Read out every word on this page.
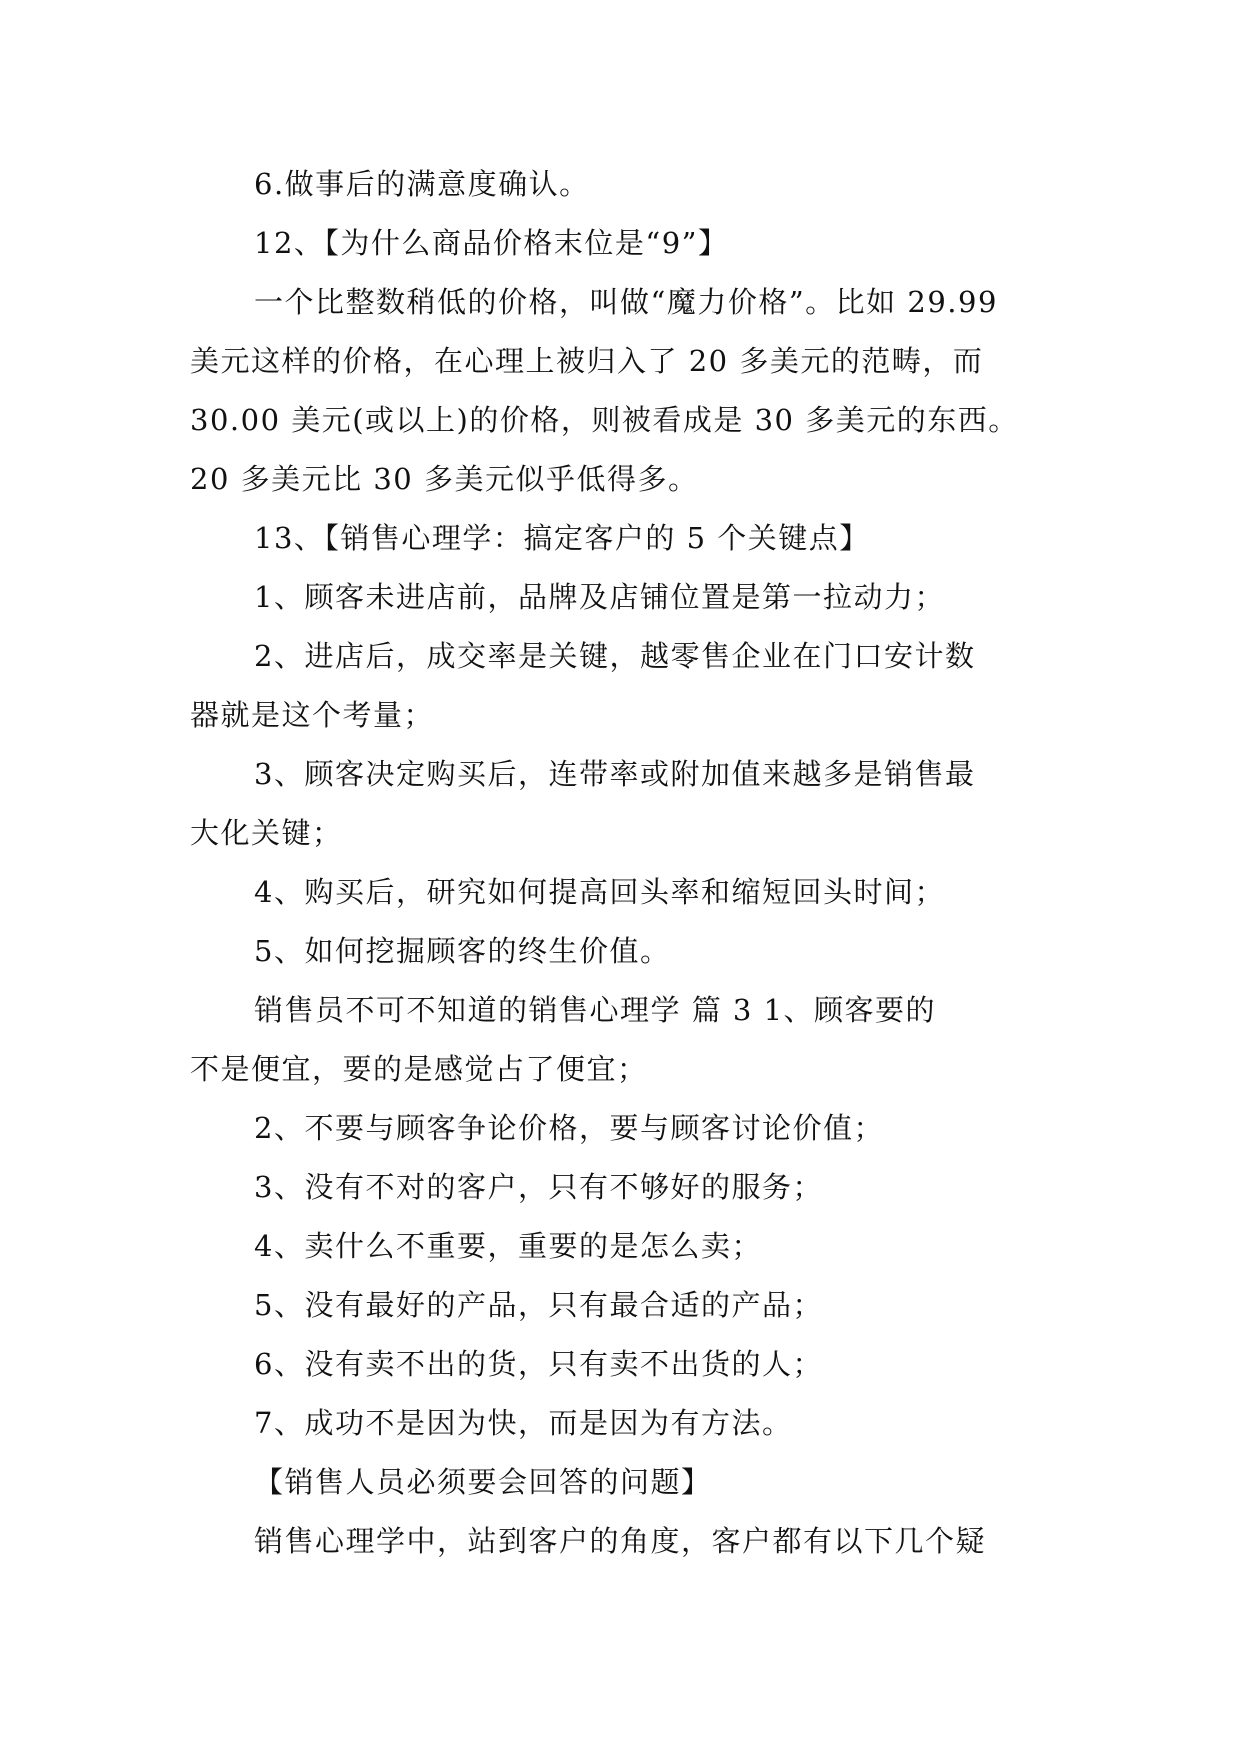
6.做事后的满意度确认。
12、【为什么商品价格末位是“9”】
一个比整数稍低的价格，叫做“魔力价格”。比如 29.99
美元这样的价格，在心理上被归入了 20 多美元的范畴，而
30.00 美元(或以上)的价格，则被看成是 30 多美元的东西。
20 多美元比 30 多美元似乎低得多。
13、【销售心理学：搞定客户的 5 个关键点】
1、顾客未进店前，品牌及店铺位置是第一拉动力；
2、进店后，成交率是关键，越零售企业在门口安计数
器就是这个考量；
3、顾客决定购买后，连带率或附加值来越多是销售最
大化关键；
4、购买后，研究如何提高回头率和缩短回头时间；
5、如何挖掘顾客的终生价值。
销售员不可不知道的销售心理学 篇 3 1、顾客要的
不是便宜，要的是感觉占了便宜；
2、不要与顾客争论价格，要与顾客讨论价值；
3、没有不对的客户，只有不够好的服务；
4、卖什么不重要，重要的是怎么卖；
5、没有最好的产品，只有最合适的产品；
6、没有卖不出的货，只有卖不出货的人；
7、成功不是因为快，而是因为有方法。
【销售人员必须要会回答的问题】
销售心理学中，站到客户的角度，客户都有以下几个疑
